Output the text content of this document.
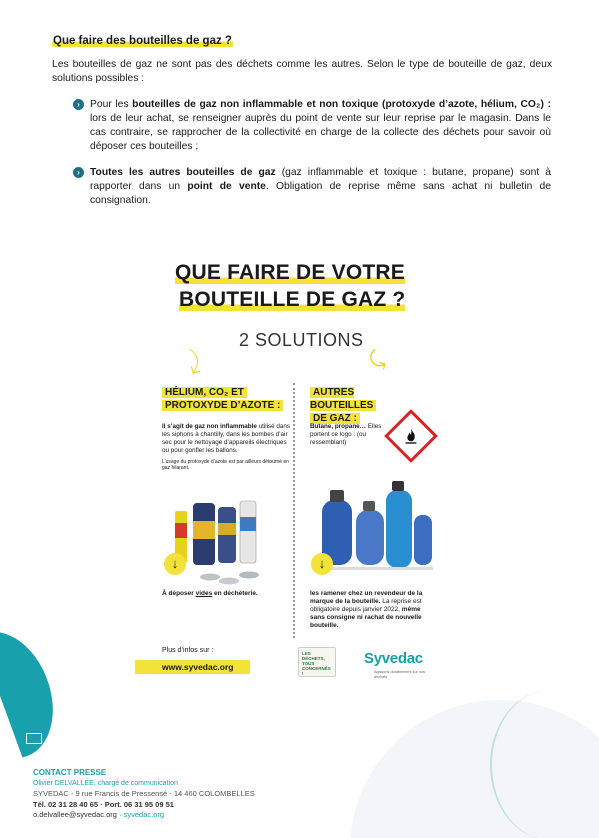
Que faire des bouteilles de gaz ?

Les bouteilles de gaz ne sont pas des déchets comme les autres. Selon le type de bouteille de gaz, deux solutions possibles :

› Pour les bouteilles de gaz non inflammable et non toxique (protoxyde d’azote, hélium, CO₂) : lors de leur achat, se renseigner auprès du point de vente sur leur reprise par le magasin. Dans le cas contraire, se rapprocher de la collectivité en charge de la collecte des déchets pour savoir où déposer ces bouteilles ;
› Toutes les autres bouteilles de gaz (gaz inflammable et toxique : butane, propane) sont à rapporter dans un point de vente. Obligation de reprise même sans achat ni bulletin de consignation.
QUE FAIRE DE VOTRE
BOUTEILLE DE GAZ ?
2 SOLUTIONS
⤵	⤹
HÉLIUM, CO₂ ET
PROTOXYDE D’AZOTE :
AUTRES BOUTEILLES
DE GAZ :
Il s’agit de gaz non inflammable utilisé dans les siphons à chantilly, dans les bombes d’air sec pour le nettoyage d’appareils électriques ou pour gonfler les ballons.
L’usage du protoxyde d’azote est par ailleurs détourné en gaz hilarant.
Butane, propane… Elles portent ce logo : (ou ressemblant)
↓	↓
À déposer vides en déchèterie.	les ramener chez un revendeur de la marque de la bouteille. La reprise est obligatoire depuis janvier 2022, même sans consigne ni rachat de nouvelle bouteille.
Plus d’infos sur :
www.syvedac.org
LES DÉCHETS, TOUS CONCERNÉS !
Syvedac
Agissons durablement sur nos déchets
CONTACT PRESSE
Olivier DELVALLÉE, chargé de communication
SYVEDAC - 9 rue Francis de Pressensé - 14 460 COLOMBELLES
Tél. 02 31 28 40 65 · Port. 06 31 95 09 51
o.delvallee@syvedac.org · syvedac.org
